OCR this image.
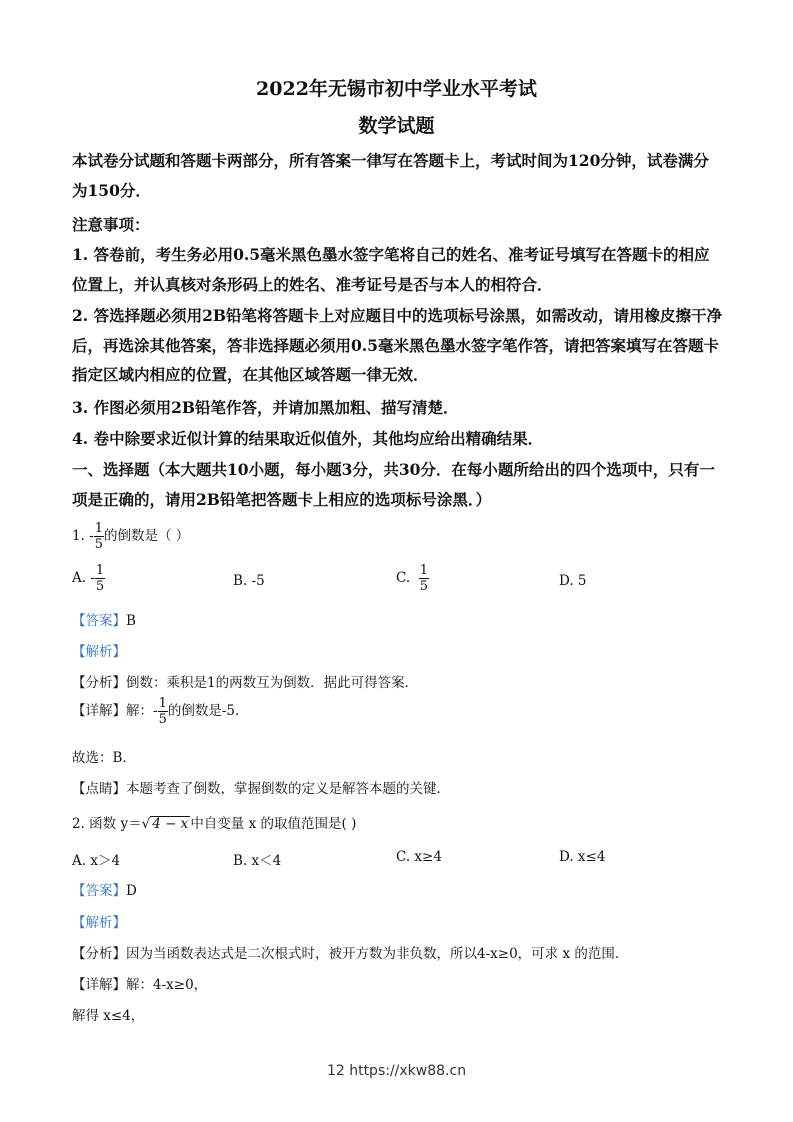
2022年无锡市初中学业水平考试
数学试题
本试卷分试题和答题卡两部分，所有答案一律写在答题卡上，考试时间为120分钟，试卷满分为150分．
注意事项：
1. 答卷前，考生务必用0.5毫米黑色墨水签字笔将自己的姓名、准考证号填写在答题卡的相应位置上，并认真核对条形码上的姓名、准考证号是否与本人的相符合．
2. 答选择题必须用2B铅笔将答题卡上对应题目中的选项标号涂黑，如需改动，请用橡皮擦干净后，再选涂其他答案，答非选择题必须用0.5毫米黑色墨水签字笔作答，请把答案填写在答题卡指定区域内相应的位置，在其他区域答题一律无效．
3. 作图必须用2B铅笔作答，并请加黑加粗、描写清楚．
4. 卷中除要求近似计算的结果取近似值外，其他均应给出精确结果．
一、选择题（本大题共10小题，每小题3分，共30分．在每小题所给出的四个选项中，只有一项是正确的，请用2B铅笔把答题卡上相应的选项标号涂黑．）
1. - $\frac{1}{5}$ 的倒数是（ ）
A. - $\frac{1}{5}$	B. -5	C. $\frac{1}{5}$	D. 5
【答案】B
【解析】
【分析】倒数：乘积是1的两数互为倒数．据此可得答案．
【详解】解：- $\frac{1}{5}$ 的倒数是-5．
故选：B．
【点睛】本题考查了倒数，掌握倒数的定义是解答本题的关键．
2. 函数 y＝√ 4 − x 中自变量 x 的取值范围是( )
A. x＞4	B. x＜4	C. x≥4	D. x≤4
【答案】D
【解析】
【分析】因为当函数表达式是二次根式时，被开方数为非负数，所以4-x≥0，可求 x 的范围．
【详解】解：4-x≥0，
解得 x≤4，
12 https://xkw88.cn
